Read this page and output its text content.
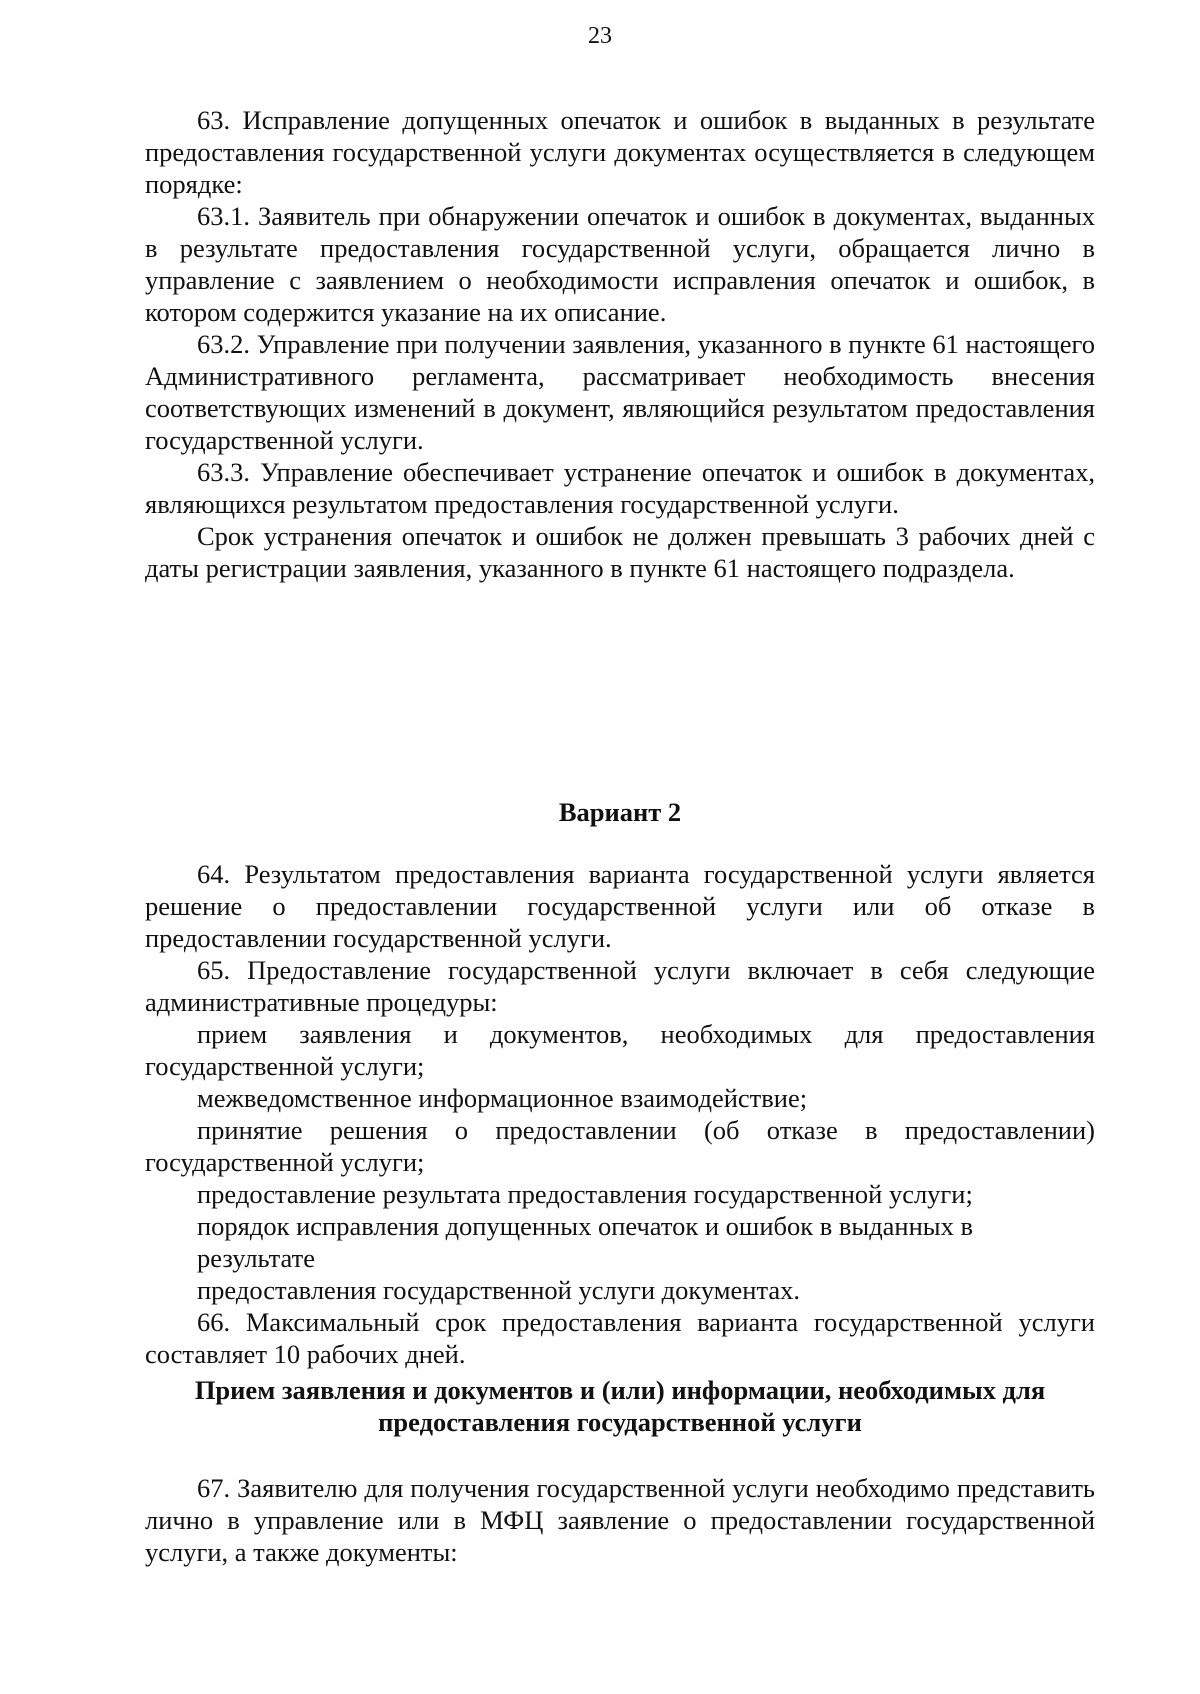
23

63. Исправление допущенных опечаток и ошибок в выданных в результате предоставления государственной услуги документах осуществляется в следующем порядке:

63.1. Заявитель при обнаружении опечаток и ошибок в документах, выданных в результате предоставления государственной услуги, обращается лично в управление с заявлением о необходимости исправления опечаток и ошибок, в котором содержится указание на их описание.

63.2. Управление при получении заявления, указанного в пункте 61 настоящего Административного регламента, рассматривает необходимость внесения соответствующих изменений в документ, являющийся результатом предоставления государственной услуги.

63.3. Управление обеспечивает устранение опечаток и ошибок в документах, являющихся результатом предоставления государственной услуги.

Срок устранения опечаток и ошибок не должен превышать 3 рабочих дней с даты регистрации заявления, указанного в пункте 61 настоящего подраздела.

Вариант 2

64. Результатом предоставления варианта государственной услуги является решение о предоставлении государственной услуги или об отказе в предоставлении государственной услуги.

65. Предоставление государственной услуги включает в себя следующие административные процедуры:

прием заявления и документов, необходимых для предоставления государственной услуги;

межведомственное информационное взаимодействие;

принятие решения о предоставлении (об отказе в предоставлении) государственной услуги;

предоставление результата предоставления государственной услуги;

порядок исправления допущенных опечаток и ошибок в выданных в результате

предоставления государственной услуги документах.

66. Максимальный срок предоставления варианта государственной услуги составляет 10 рабочих дней.

Прием заявления и документов и (или) информации, необходимых для
предоставления государственной услуги

67. Заявителю для получения государственной услуги необходимо представить лично в управление или в МФЦ заявление о предоставлении государственной услуги, а также документы:
